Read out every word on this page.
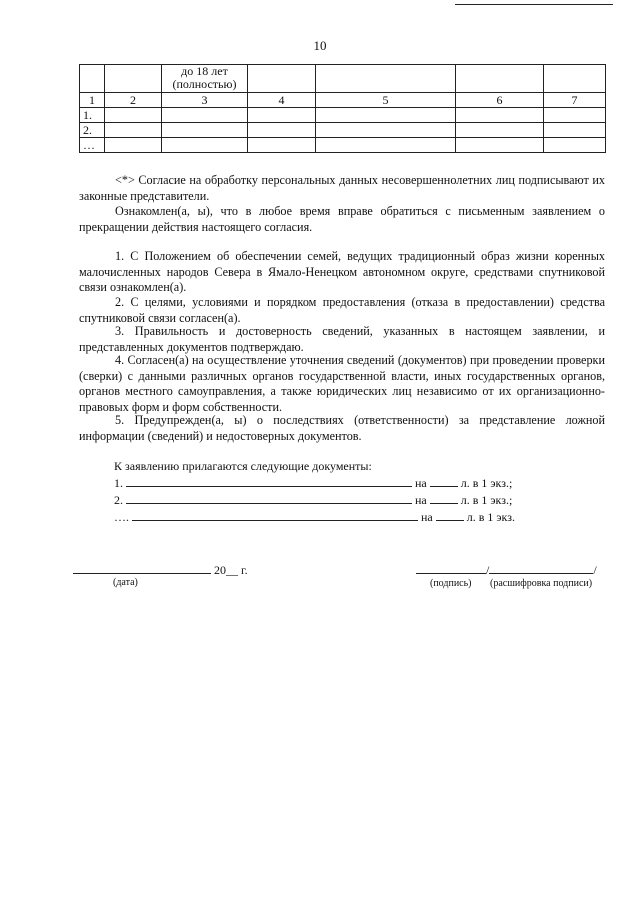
10

		до 18 лет
(полностью)				

1	2	3	4	5	6	7
1.						
2.						
…						

<*> Согласие на обработку персональных данных несовершеннолетних лиц подписывают их законные представители.

Ознакомлен(а, ы), что в любое время вправе обратиться с письменным заявлением о прекращении действия настоящего согласия.

1. С Положением об обеспечении семей, ведущих традиционный образ жизни коренных малочисленных народов Севера в Ямало-Ненецком автономном округе, средствами спутниковой связи ознакомлен(а).

2. С целями, условиями и порядком предоставления (отказа в предоставлении) средства спутниковой связи согласен(а).

3. Правильность и достоверность сведений, указанных в настоящем заявлении, и представленных документов подтверждаю.

4. Согласен(а) на осуществление уточнения сведений (документов) при проведении проверки (сверки) с данными различных органов государственной власти, иных государственных органов, органов местного самоуправления, а также юридических лиц независимо от их организационно-правовых форм и форм собственности.

5. Предупрежден(а, ы) о последствиях (ответственности) за представление ложной информации (сведений) и недостоверных документов.

К заявлению прилагаются следующие документы:
1.	на	л. в 1 экз.;
2.	на	л. в 1 экз.;
….	на	л. в 1 экз.
20__ г.
(дата)
/	/
(подпись) (расшифровка подписи)
